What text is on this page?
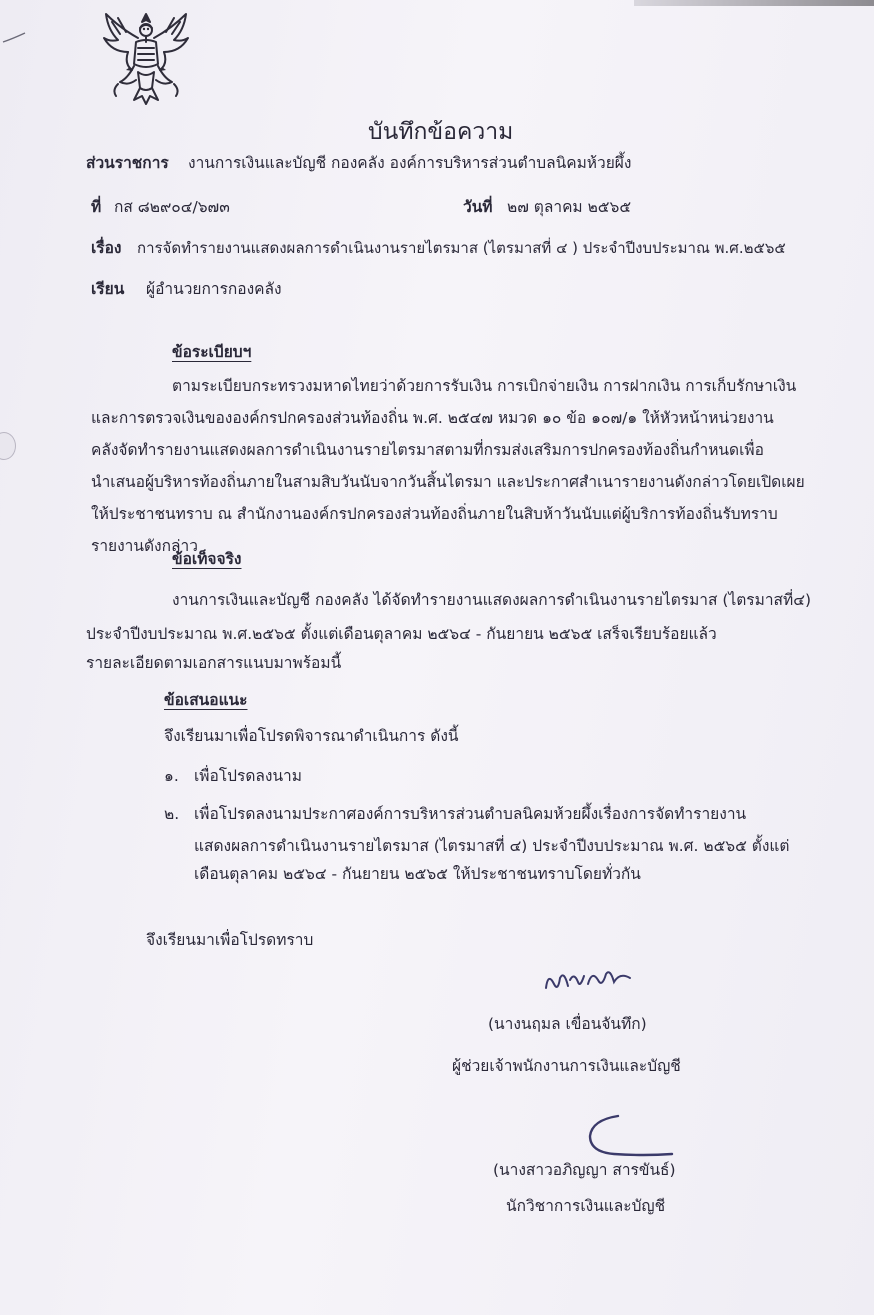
บันทึกข้อความ
ส่วนราชการ งานการเงินและบัญชี กองคลัง องค์การบริหารส่วนตำบลนิคมห้วยผึ้ง
ที่ กส ๘๒๙๐๔/๖๗๓	วันที่ ๒๗ ตุลาคม ๒๕๖๕
เรื่อง การจัดทำรายงานแสดงผลการดำเนินงานรายไตรมาส (ไตรมาสที่ ๔ ) ประจำปีงบประมาณ พ.ศ.๒๕๖๕
เรียน ผู้อำนวยการกองคลัง
ข้อระเบียบฯ
ตามระเบียบกระทรวงมหาดไทยว่าด้วยการรับเงิน การเบิกจ่ายเงิน การฝากเงิน การเก็บรักษาเงิน
และการตรวจเงินขององค์กรปกครองส่วนท้องถิ่น พ.ศ. ๒๕๔๗ หมวด ๑๐ ข้อ ๑๐๗/๑ ให้หัวหน้าหน่วยงาน
คลังจัดทำรายงานแสดงผลการดำเนินงานรายไตรมาสตามที่กรมส่งเสริมการปกครองท้องถิ่นกำหนดเพื่อ
นำเสนอผู้บริหารท้องถิ่นภายในสามสิบวันนับจากวันสิ้นไตรมา และประกาศสำเนารายงานดังกล่าวโดยเปิดเผย
ให้ประชาชนทราบ ณ สำนักงานองค์กรปกครองส่วนท้องถิ่นภายในสิบห้าวันนับแต่ผู้บริการท้องถิ่นรับทราบ
รายงานดังกล่าว
ข้อเท็จจริง
งานการเงินและบัญชี กองคลัง ได้จัดทำรายงานแสดงผลการดำเนินงานรายไตรมาส (ไตรมาสที่๔)
ประจำปีงบประมาณ พ.ศ.๒๕๖๕ ตั้งแต่เดือนตุลาคม ๒๕๖๔ - กันยายน ๒๕๖๕ เสร็จเรียบร้อยแล้ว
รายละเอียดตามเอกสารแนบมาพร้อมนี้
ข้อเสนอแนะ
จึงเรียนมาเพื่อโปรดพิจารณาดำเนินการ ดังนี้
๑. เพื่อโปรดลงนาม
๒. เพื่อโปรดลงนามประกาศองค์การบริหารส่วนตำบลนิคมห้วยผึ้งเรื่องการจัดทำรายงาน
แสดงผลการดำเนินงานรายไตรมาส (ไตรมาสที่ ๔) ประจำปีงบประมาณ พ.ศ. ๒๕๖๕ ตั้งแต่
เดือนตุลาคม ๒๕๖๔ - กันยายน ๒๕๖๕ ให้ประชาชนทราบโดยทั่วกัน
จึงเรียนมาเพื่อโปรดทราบ
(นางนฤมล เขื่อนจันทึก)
ผู้ช่วยเจ้าพนักงานการเงินและบัญชี
(นางสาวอภิญญา สารขันธ์)
นักวิชาการเงินและบัญชี
